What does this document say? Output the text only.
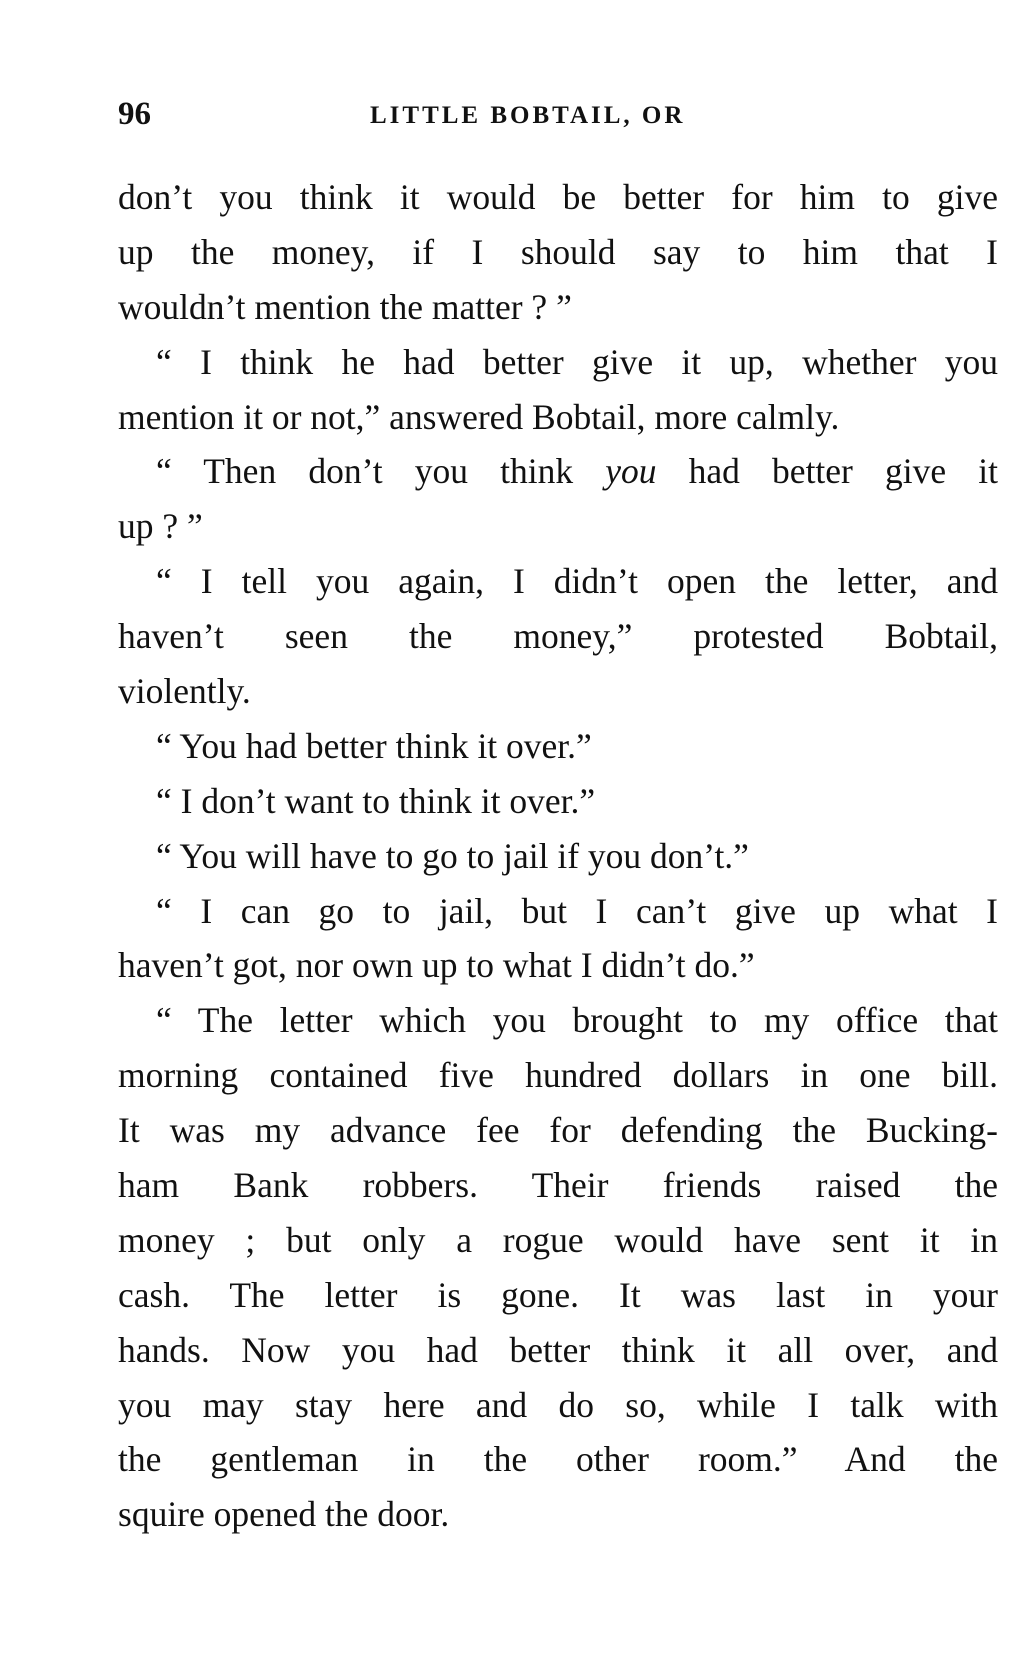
96	LITTLE BOBTAIL, OR
don’t you think it would be better for him to give
up the money, if I should say to him that I
wouldn’t mention the matter ? ”
“ I think he had better give it up, whether you
mention it or not,” answered Bobtail, more calmly.
“ Then don’t you think you had better give it
up ? ”
“ I tell you again, I didn’t open the letter, and
haven’t seen the money,” protested Bobtail,
violently.
“ You had better think it over.”
“ I don’t want to think it over.”
“ You will have to go to jail if you don’t.”
“ I can go to jail, but I can’t give up what I
haven’t got, nor own up to what I didn’t do.”
“ The letter which you brought to my office that
morning contained five hundred dollars in one bill.
It was my advance fee for defending the Bucking-
ham Bank robbers. Their friends raised the
money ; but only a rogue would have sent it in
cash. The letter is gone. It was last in your
hands. Now you had better think it all over, and
you may stay here and do so, while I talk with
the gentleman in the other room.” And the
squire opened the door.
